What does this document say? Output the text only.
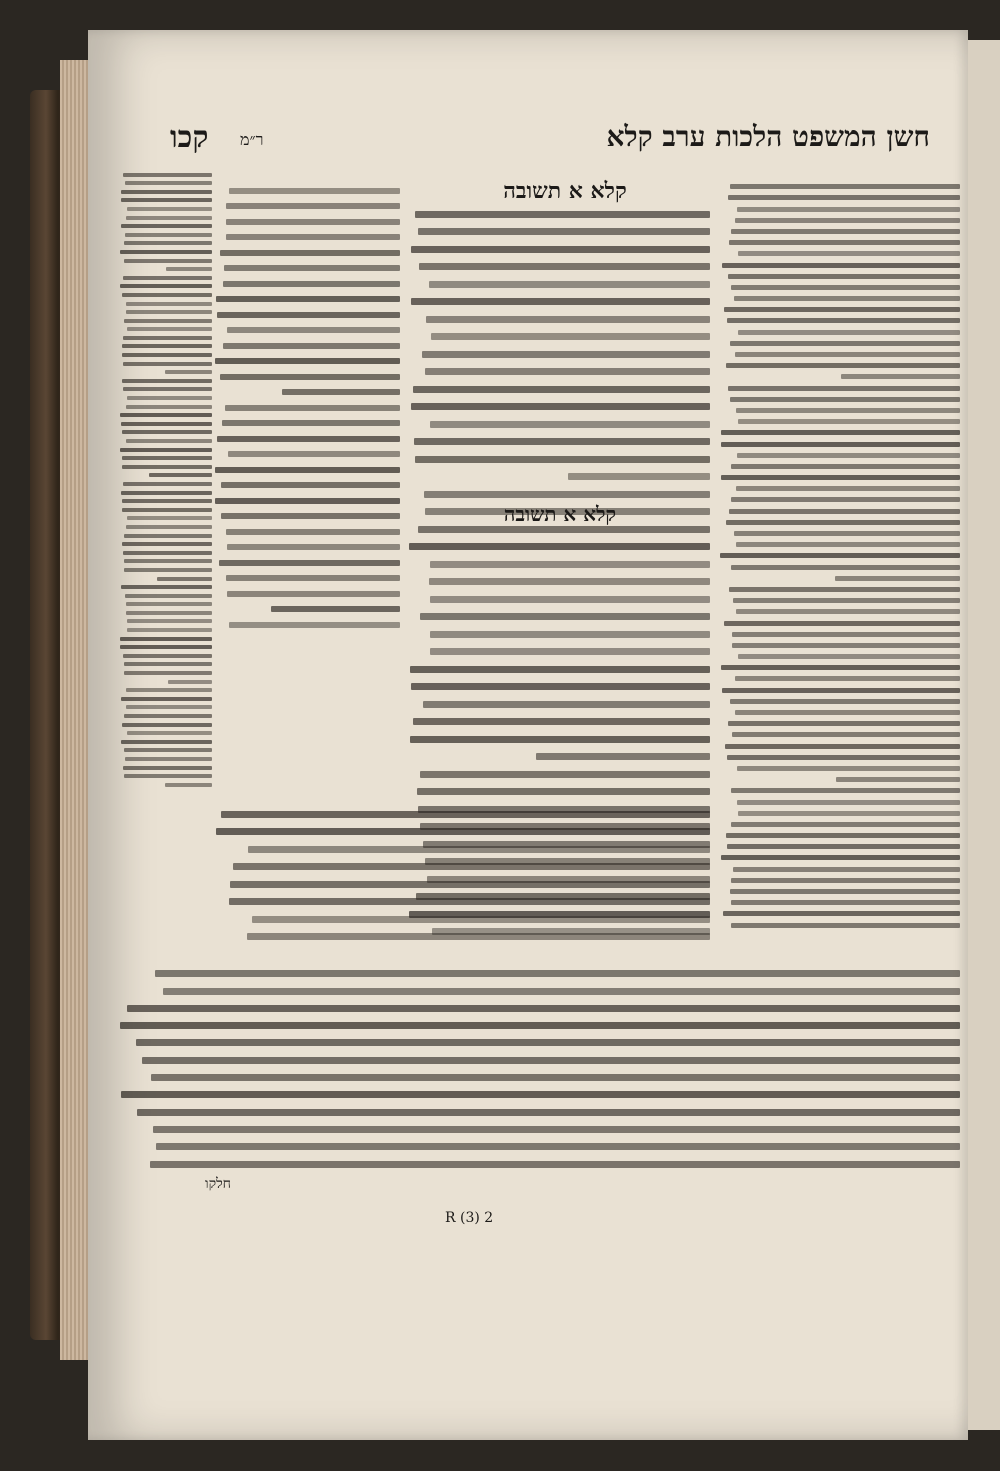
חשן המשפט הלכות ערב קלא
קכו ר״מ
קלא א תשובה
קלא א תשובה
חלקו
R (3) 2
